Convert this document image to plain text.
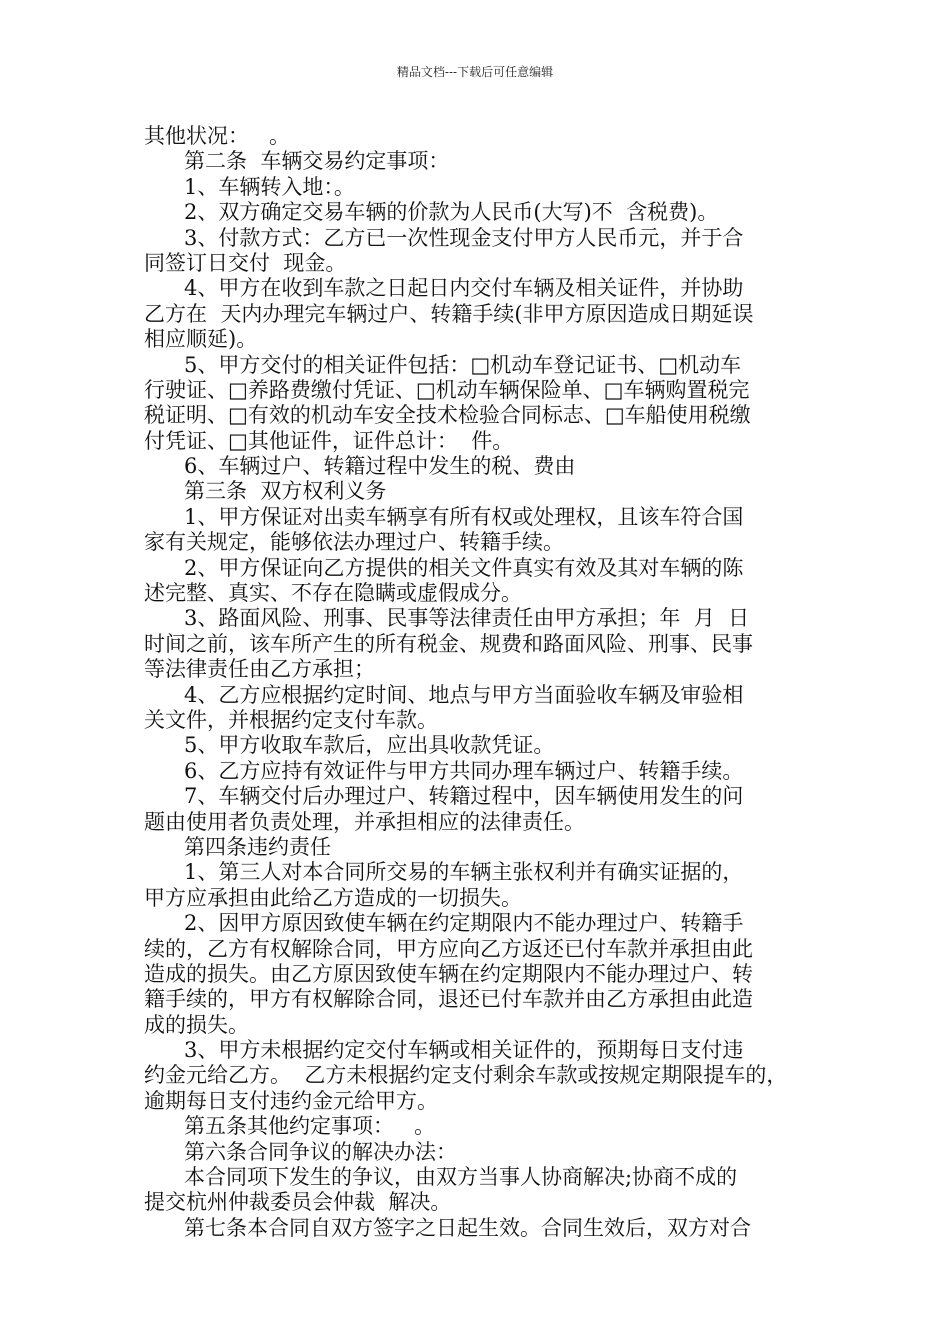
精品文档---下载后可任意编辑
其他状况：   。
第二条  车辆交易约定事项：
1、车辆转入地：。
2、双方确定交易车辆的价款为人民币(大写)不  含税费)。
3、付款方式：乙方已一次性现金支付甲方人民币元，并于合
同签订日交付  现金。
4、甲方在收到车款之日起日内交付车辆及相关证件，并协助
乙方在  天内办理完车辆过户、转籍手续(非甲方原因造成日期延误
相应顺延)。
5、甲方交付的相关证件包括：□机动车登记证书、□机动车
行驶证、□养路费缴付凭证、□机动车辆保险单、□车辆购置税完
税证明、□有效的机动车安全技术检验合同标志、□车船使用税缴
付凭证、□其他证件，证件总计：  件。
6、车辆过户、转籍过程中发生的税、费由
第三条  双方权利义务
1、甲方保证对出卖车辆享有所有权或处理权，且该车符合国
家有关规定，能够依法办理过户、转籍手续。
2、甲方保证向乙方提供的相关文件真实有效及其对车辆的陈
述完整、真实、不存在隐瞒或虚假成分。
3、路面风险、刑事、民事等法律责任由甲方承担；年  月  日
时间之前，该车所产生的所有税金、规费和路面风险、刑事、民事
等法律责任由乙方承担；
4、乙方应根据约定时间、地点与甲方当面验收车辆及审验相
关文件，并根据约定支付车款。
5、甲方收取车款后，应出具收款凭证。
6、乙方应持有效证件与甲方共同办理车辆过户、转籍手续。
7、车辆交付后办理过户、转籍过程中，因车辆使用发生的问
题由使用者负责处理，并承担相应的法律责任。
第四条违约责任
1、第三人对本合同所交易的车辆主张权利并有确实证据的，
甲方应承担由此给乙方造成的一切损失。
2、因甲方原因致使车辆在约定期限内不能办理过户、转籍手
续的，乙方有权解除合同，甲方应向乙方返还已付车款并承担由此
造成的损失。由乙方原因致使车辆在约定期限内不能办理过户、转
籍手续的，甲方有权解除合同，退还已付车款并由乙方承担由此造
成的损失。
3、甲方未根据约定交付车辆或相关证件的，预期每日支付违
约金元给乙方。  乙方未根据约定支付剩余车款或按规定期限提车的，
逾期每日支付违约金元给甲方。
第五条其他约定事项：   。
第六条合同争议的解决办法：
本合同项下发生的争议，由双方当事人协商解决;协商不成的
提交杭州仲裁委员会仲裁  解决。
第七条本合同自双方签字之日起生效。合同生效后，双方对合
